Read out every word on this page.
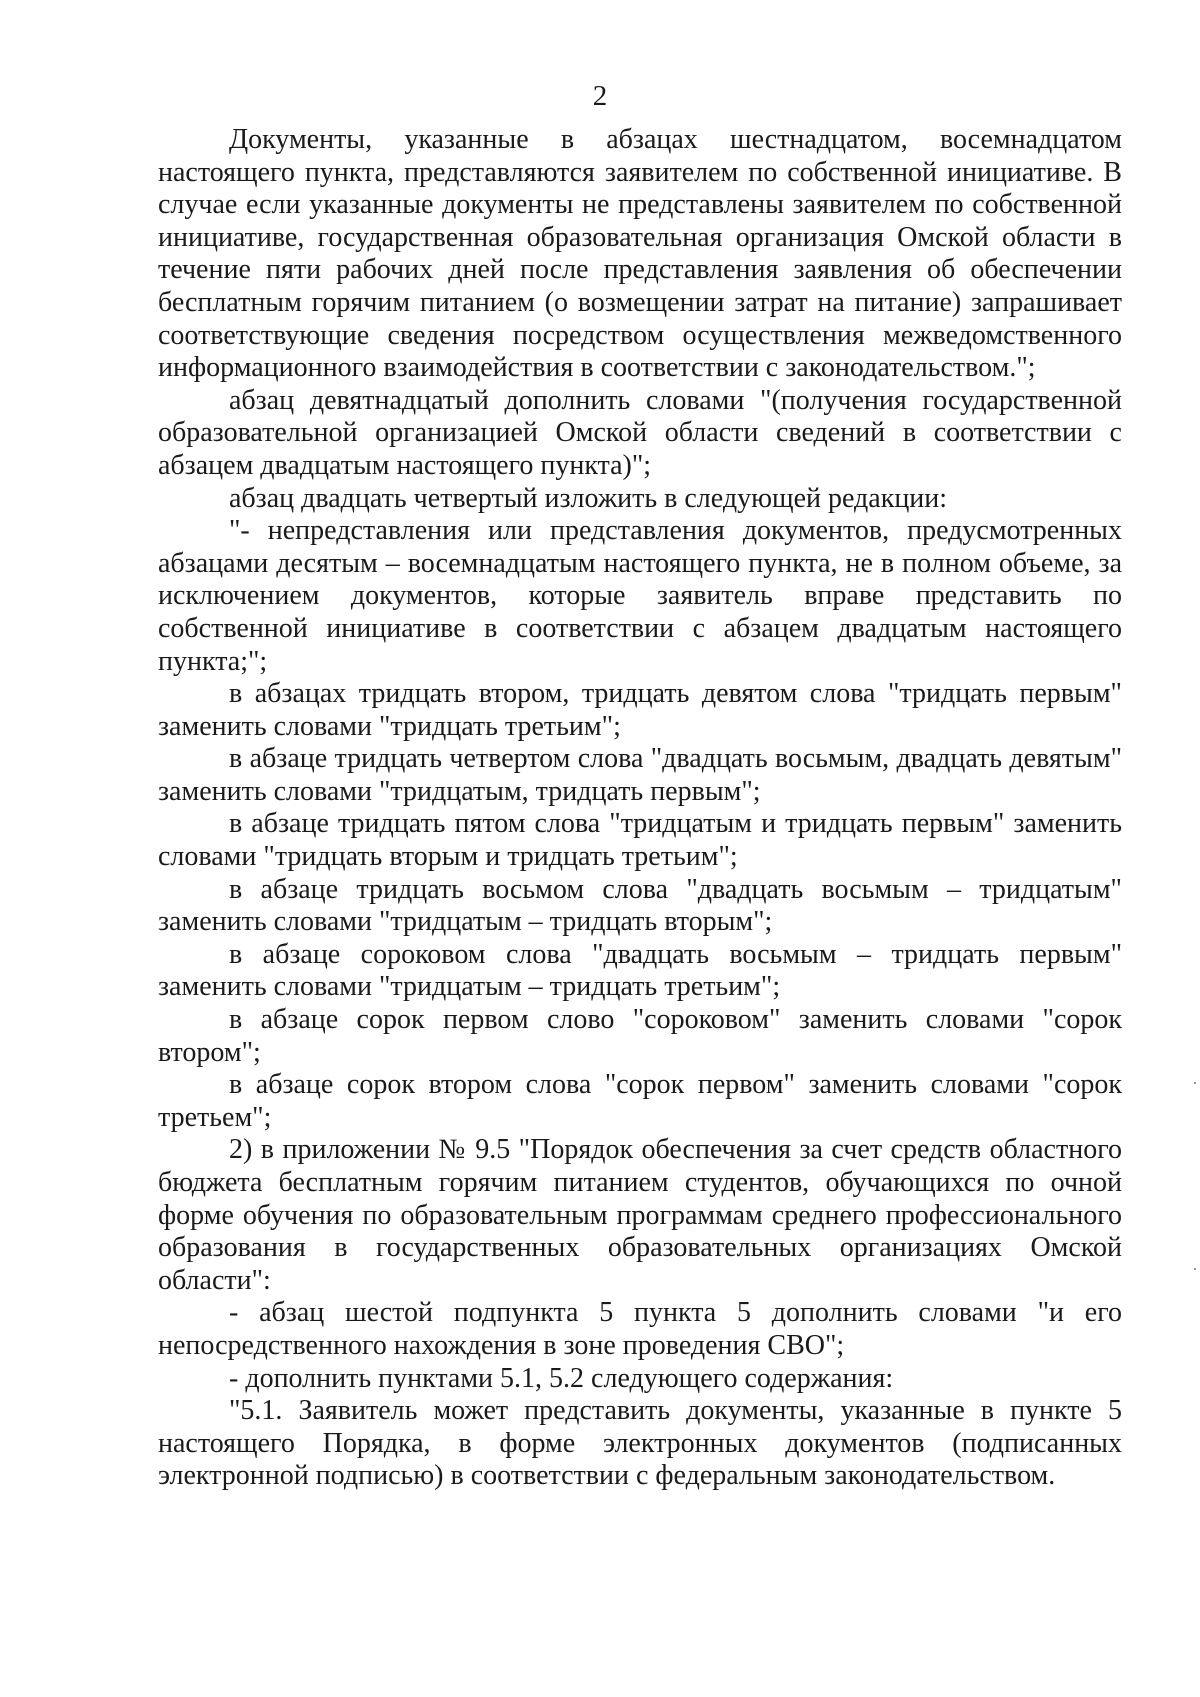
2

Документы, указанные в абзацах шестнадцатом, восемнадцатом настоящего пункта, представляются заявителем по собственной инициативе. В случае если указанные документы не представлены заявителем по собственной инициативе, государственная образовательная организация Омской области в течение пяти рабочих дней после представления заявления об обеспечении бесплатным горячим питанием (о возмещении затрат на питание) запрашивает соответствующие сведения посредством осуществления межведомственного информационного взаимодействия в соответствии с законодательством.";

абзац девятнадцатый дополнить словами "(получения государственной образовательной организацией Омской области сведений в соответствии с абзацем двадцатым настоящего пункта)";

абзац двадцать четвертый изложить в следующей редакции:

"- непредставления или представления документов, предусмотренных абзацами десятым – восемнадцатым настоящего пункта, не в полном объеме, за исключением документов, которые заявитель вправе представить по собственной инициативе в соответствии с абзацем двадцатым настоящего пункта;";

в абзацах тридцать втором, тридцать девятом слова "тридцать первым" заменить словами "тридцать третьим";

в абзаце тридцать четвертом слова "двадцать восьмым, двадцать девятым" заменить словами "тридцатым, тридцать первым";

в абзаце тридцать пятом слова "тридцатым и тридцать первым" заменить словами "тридцать вторым и тридцать третьим";

в абзаце тридцать восьмом слова "двадцать восьмым – тридцатым" заменить словами "тридцатым – тридцать вторым";

в абзаце сороковом слова "двадцать восьмым – тридцать первым" заменить словами "тридцатым – тридцать третьим";

в абзаце сорок первом слово "сороковом" заменить словами "сорок втором";

в абзаце сорок втором слова "сорок первом" заменить словами "сорок третьем";

2) в приложении № 9.5 "Порядок обеспечения за счет средств областного бюджета бесплатным горячим питанием студентов, обучающихся по очной форме обучения по образовательным программам среднего профессионального образования в государственных образовательных организациях Омской области":

- абзац шестой подпункта 5 пункта 5 дополнить словами "и его непосредственного нахождения в зоне проведения СВО";

- дополнить пунктами 5.1, 5.2 следующего содержания:

"5.1. Заявитель может представить документы, указанные в пункте 5 настоящего Порядка, в форме электронных документов (подписанных электронной подписью) в соответствии с федеральным законодательством.
